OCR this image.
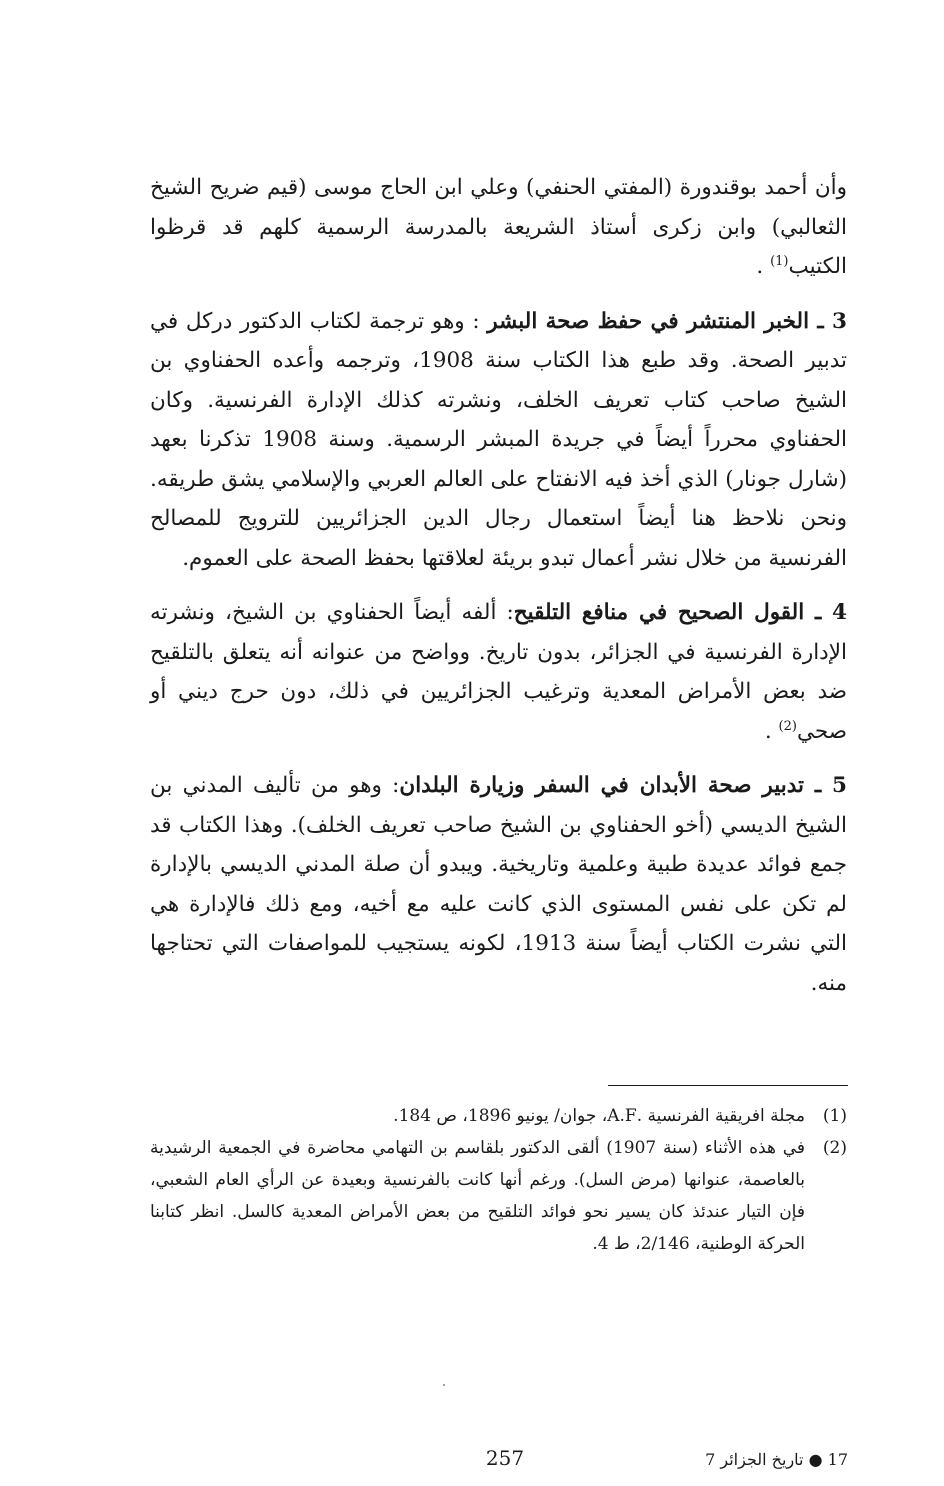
وأن أحمد بوقندورة (المفتي الحنفي) وعلي ابن الحاج موسى (قيم ضريح الشيخ الثعالبي) وابن زكرى أستاذ الشريعة بالمدرسة الرسمية كلهم قد قرظوا الكتيب$^{(1)}$ .

3 ـ الخبر المنتشر في حفظ صحة البشر : وهو ترجمة لكتاب الدكتور دركل في تدبير الصحة. وقد طبع هذا الكتاب سنة 1908، وترجمه وأعده الحفناوي بن الشيخ صاحب كتاب تعريف الخلف، ونشرته كذلك الإدارة الفرنسية. وكان الحفناوي محرراً أيضاً في جريدة المبشر الرسمية. وسنة 1908 تذكرنا بعهد (شارل جونار) الذي أخذ فيه الانفتاح على العالم العربي والإسلامي يشق طريقه. ونحن نلاحظ هنا أيضاً استعمال رجال الدين الجزائريين للترويج للمصالح الفرنسية من خلال نشر أعمال تبدو بريئة لعلاقتها بحفظ الصحة على العموم.

4 ـ القول الصحيح في منافع التلقيح: ألفه أيضاً الحفناوي بن الشيخ، ونشرته الإدارة الفرنسية في الجزائر، بدون تاريخ. وواضح من عنوانه أنه يتعلق بالتلقيح ضد بعض الأمراض المعدية وترغيب الجزائريين في ذلك، دون حرج ديني أو صحي$^{(2)}$ .

5 ـ تدبير صحة الأبدان في السفر وزيارة البلدان: وهو من تأليف المدني بن الشيخ الديسي (أخو الحفناوي بن الشيخ صاحب تعريف الخلف). وهذا الكتاب قد جمع فوائد عديدة طبية وعلمية وتاريخية. ويبدو أن صلة المدني الديسي بالإدارة لم تكن على نفس المستوى الذي كانت عليه مع أخيه، ومع ذلك فالإدارة هي التي نشرت الكتاب أيضاً سنة 1913، لكونه يستجيب للمواصفات التي تحتاجها منه.

(1)
مجلة افريقية الفرنسية .A.F، جوان/ يونيو 1896، ص 184.
(2)
في هذه الأثناء (سنة 1907) ألقى الدكتور بلقاسم بن التهامي محاضرة في الجمعية الرشيدية بالعاصمة، عنوانها (مرض السل). ورغم أنها كانت بالفرنسية وبعيدة عن الرأي العام الشعبي، فإن التيار عندئذ كان يسير نحو فوائد التلقيح من بعض الأمراض المعدية كالسل. انظر كتابنا الحركة الوطنية، 2/146، ط 4.
257	17 ● تاريخ الجزائر 7
